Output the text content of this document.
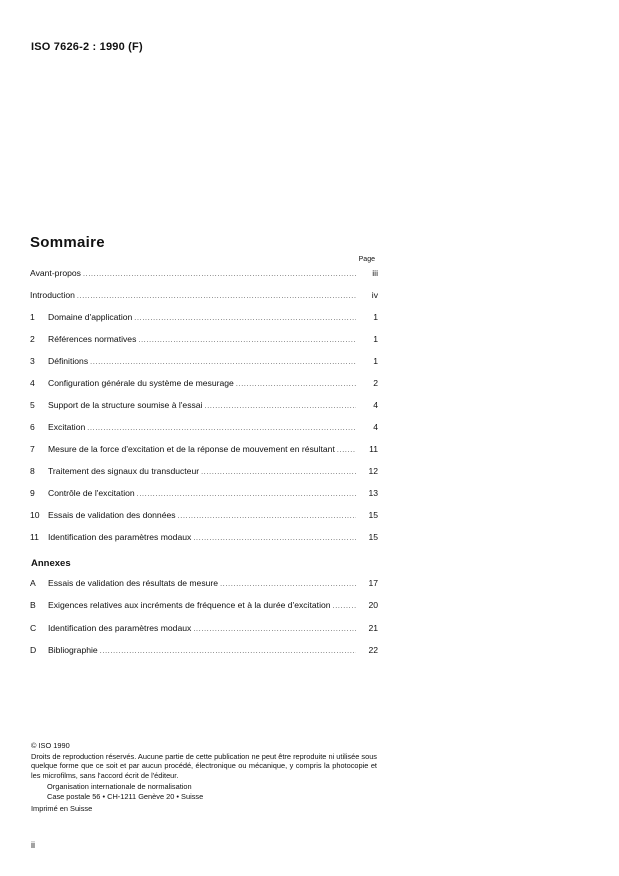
ISO 7626-2 : 1990 (F)
Sommaire
Page
Avant-propos . . .	iii
Introduction . . .	iv
1	Domaine d'application . . .	1
2	Références normatives . . .	1
3	Définitions . . .	1
4	Configuration générale du système de mesurage . . .	2
5	Support de la structure soumise à l'essai . . .	4
6	Excitation . . .	4
7	Mesure de la force d'excitation et de la réponse de mouvement en résultant . . .	11
8	Traitement des signaux du transducteur . . .	12
9	Contrôle de l'excitation . . .	13
10 Essais de validation des données . . .	15
11	Identification des paramètres modaux . . .	15
Annexes
A	Essais de validation des résultats de mesure . . .	17
B	Exigences relatives aux incréments de fréquence et à la durée d'excitation . . .	20
C	Identification des paramètres modaux . . .	21
D	Bibliographie . . .	22
© ISO 1990
Droits de reproduction réservés. Aucune partie de cette publication ne peut être reproduite ni utilisée sous quelque forme que ce soit et par aucun procédé, électronique ou mécanique, y compris la photocopie et les microfilms, sans l'accord écrit de l'éditeur.
Organisation internationale de normalisation
Case postale 56 • CH-1211 Genève 20 • Suisse
Imprimé en Suisse
ii
